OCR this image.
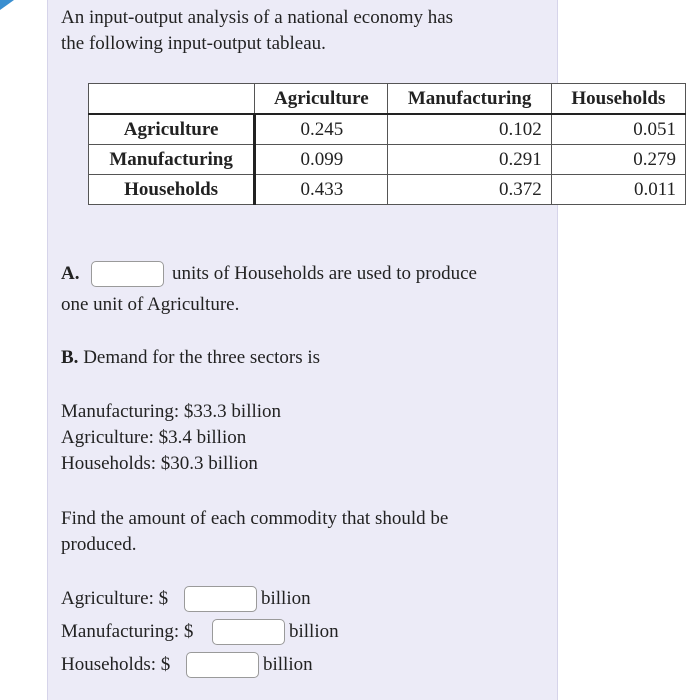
An input-output analysis of a national economy has
the following input-output tableau.
	Agriculture	Manufacturing	Households
Agriculture	0.245	0.102	0.051
Manufacturing	0.099	0.291	0.279
Households	0.433	0.372	0.011
A.	units of Households are used to produce
one unit of Agriculture.
B. Demand for the three sectors is
Manufacturing: $33.3 billion
Agriculture: $3.4 billion
Households: $30.3 billion
Find the amount of each commodity that should be
produced.
Agriculture: $	billion
Manufacturing: $	billion
Households: $	billion
